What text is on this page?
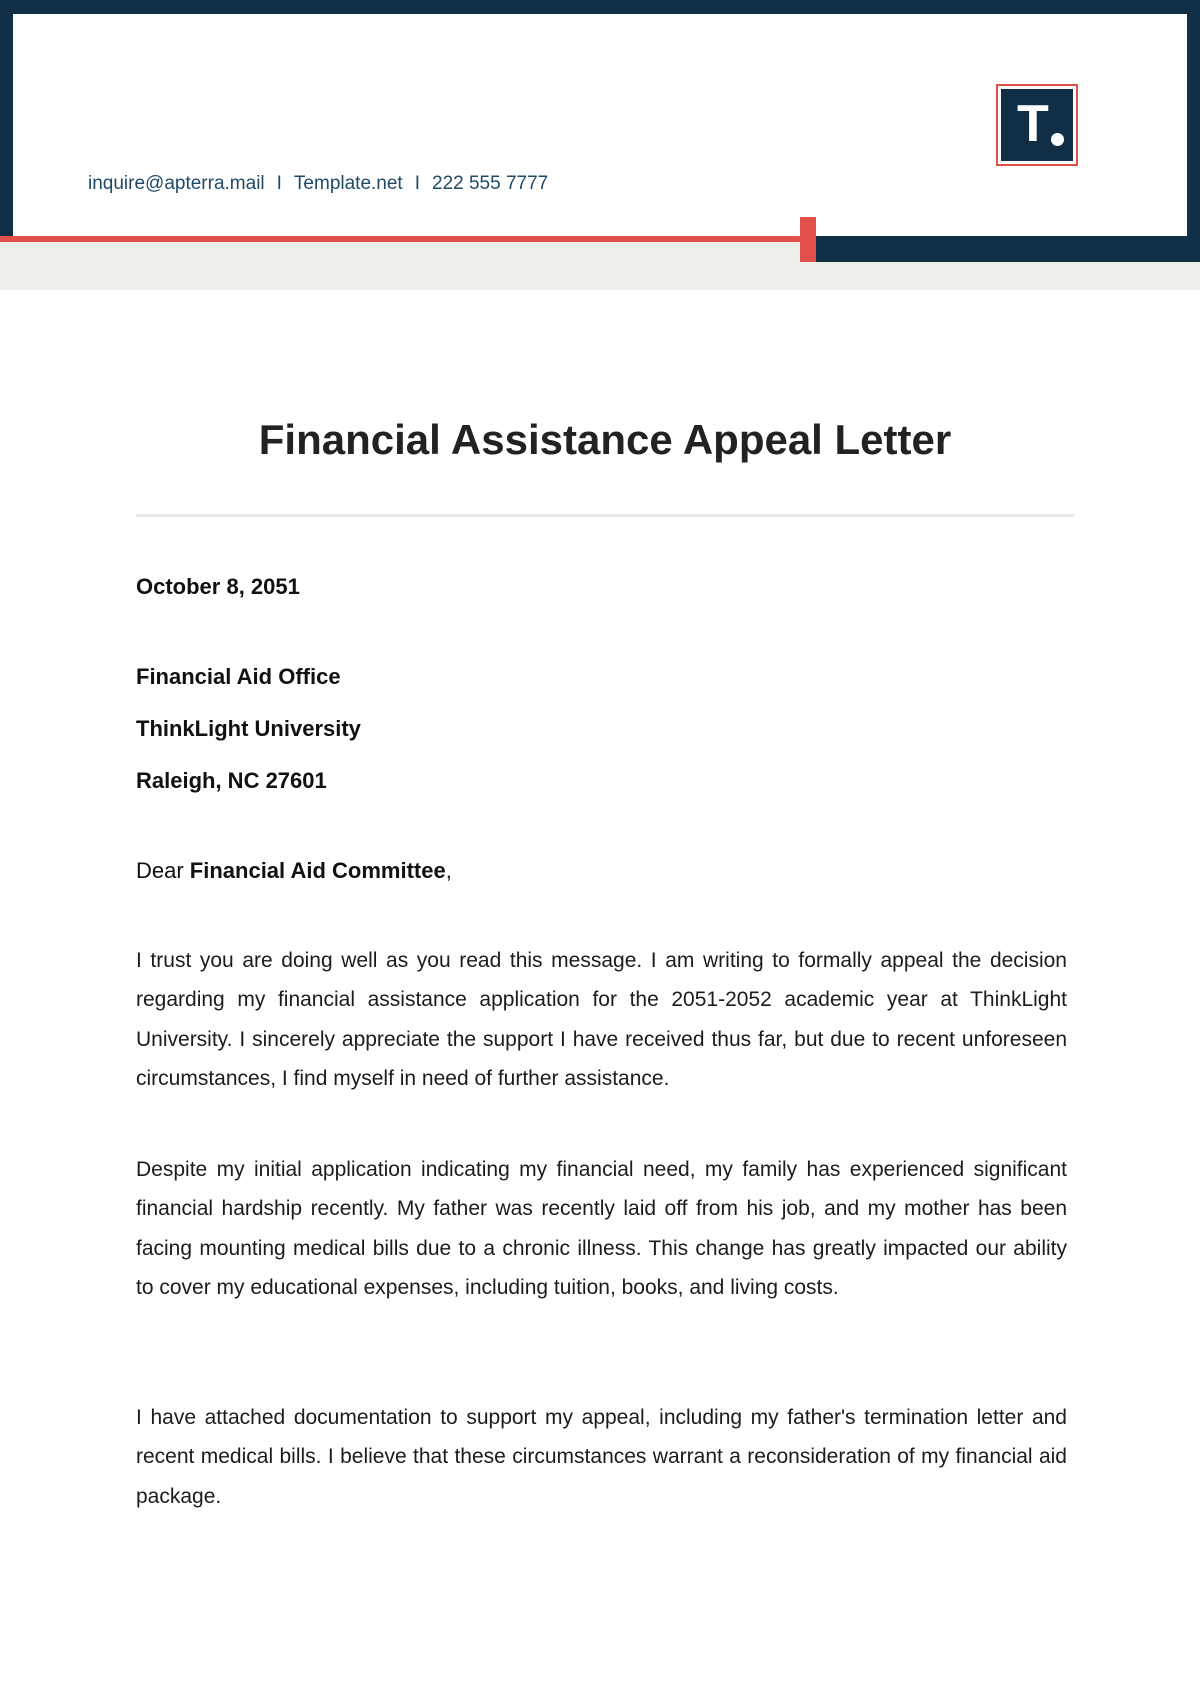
inquire@apterra.mail I Template.net I 222 555 7777
T
Financial Assistance Appeal Letter
October 8, 2051
Financial Aid Office
ThinkLight University
Raleigh, NC 27601
Dear Financial Aid Committee,

I trust you are doing well as you read this message. I am writing to formally appeal the decision regarding my financial assistance application for the 2051-2052 academic year at ThinkLight University. I sincerely appreciate the support I have received thus far, but due to recent unforeseen circumstances, I find myself in need of further assistance.

Despite my initial application indicating my financial need, my family has experienced significant financial hardship recently. My father was recently laid off from his job, and my mother has been facing mounting medical bills due to a chronic illness. This change has greatly impacted our ability to cover my educational expenses, including tuition, books, and living costs.

I have attached documentation to support my appeal, including my father's termination letter and recent medical bills. I believe that these circumstances warrant a reconsideration of my financial aid package.
